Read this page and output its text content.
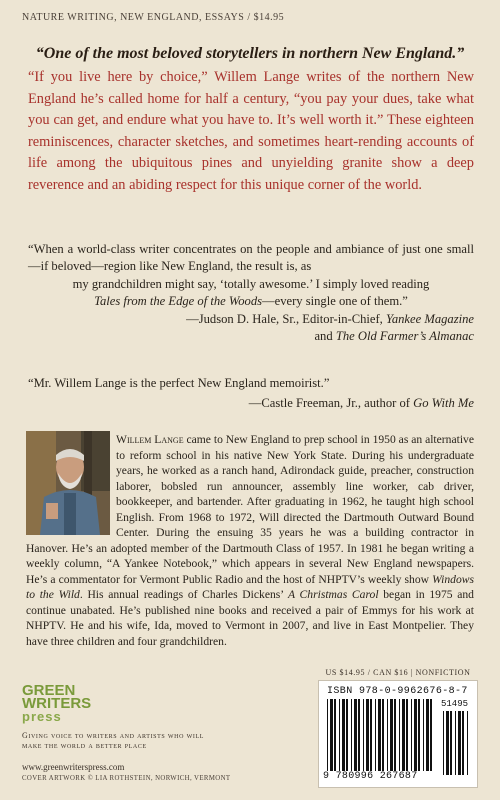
NATURE WRITING, NEW ENGLAND, ESSAYS / $14.95
“One of the most beloved storytellers in northern New England.”

“If you live here by choice,” Willem Lange writes of the northern New England he’s called home for half a century, “you pay your dues, take what you can get, and endure what you have to. It’s well worth it.” These eighteen reminiscences, character sketches, and sometimes heart-rending accounts of life among the ubiquitous pines and unyielding granite show a deep reverence and an abiding respect for this unique corner of the world.

“When a world-class writer concentrates on the people and ambiance of just one small—if beloved—region like New England, the result is, as
my grandchildren might say, ‘totally awesome.’ I simply loved reading
Tales from the Edge of the Woods—every single one of them.”

—Judson D. Hale, Sr., Editor-in-Chief, Yankee Magazine
and The Old Farmer’s Almanac

“Mr. Willem Lange is the perfect New England memoirist.”

—Castle Freeman, Jr., author of Go With Me

Willem Lange came to New England to prep school in 1950 as an alternative to reform school in his native New York State. During his undergraduate years, he worked as a ranch hand, Adirondack guide, preacher, construction laborer, bobsled run announcer, assembly line worker, cab driver, bookkeeper, and bartender. After graduating in 1962, he taught high school English. From 1968 to 1972, Will directed the Dartmouth Outward Bound Center. During the ensuing 35 years he was a building contractor in Hanover. He’s an adopted member of the Dartmouth Class of 1957. In 1981 he began writing a weekly column, “A Yankee Notebook,” which appears in several New England newspapers. He’s a commentator for Vermont Public Radio and the host of NHPTV’s weekly show Windows to the Wild. His annual readings of Charles Dickens’ A Christmas Carol began in 1975 and continue unabated. He’s published nine books and received a pair of Emmys for his work at NHPTV. He and his wife, Ida, moved to Vermont in 2007, and live in East Montpelier. They have three children and four grandchildren.

GREEN
WRITERS
press
Giving voice to writers and artists who will make the world a better place
www.greenwriterspress.com
COVER ARTWORK © LIA ROTHSTEIN, NORWICH, VERMONT
US $14.95 / CAN $16 | NONFICTION
ISBN 978-0-9962676-8-7
51495
9 780996 267687
